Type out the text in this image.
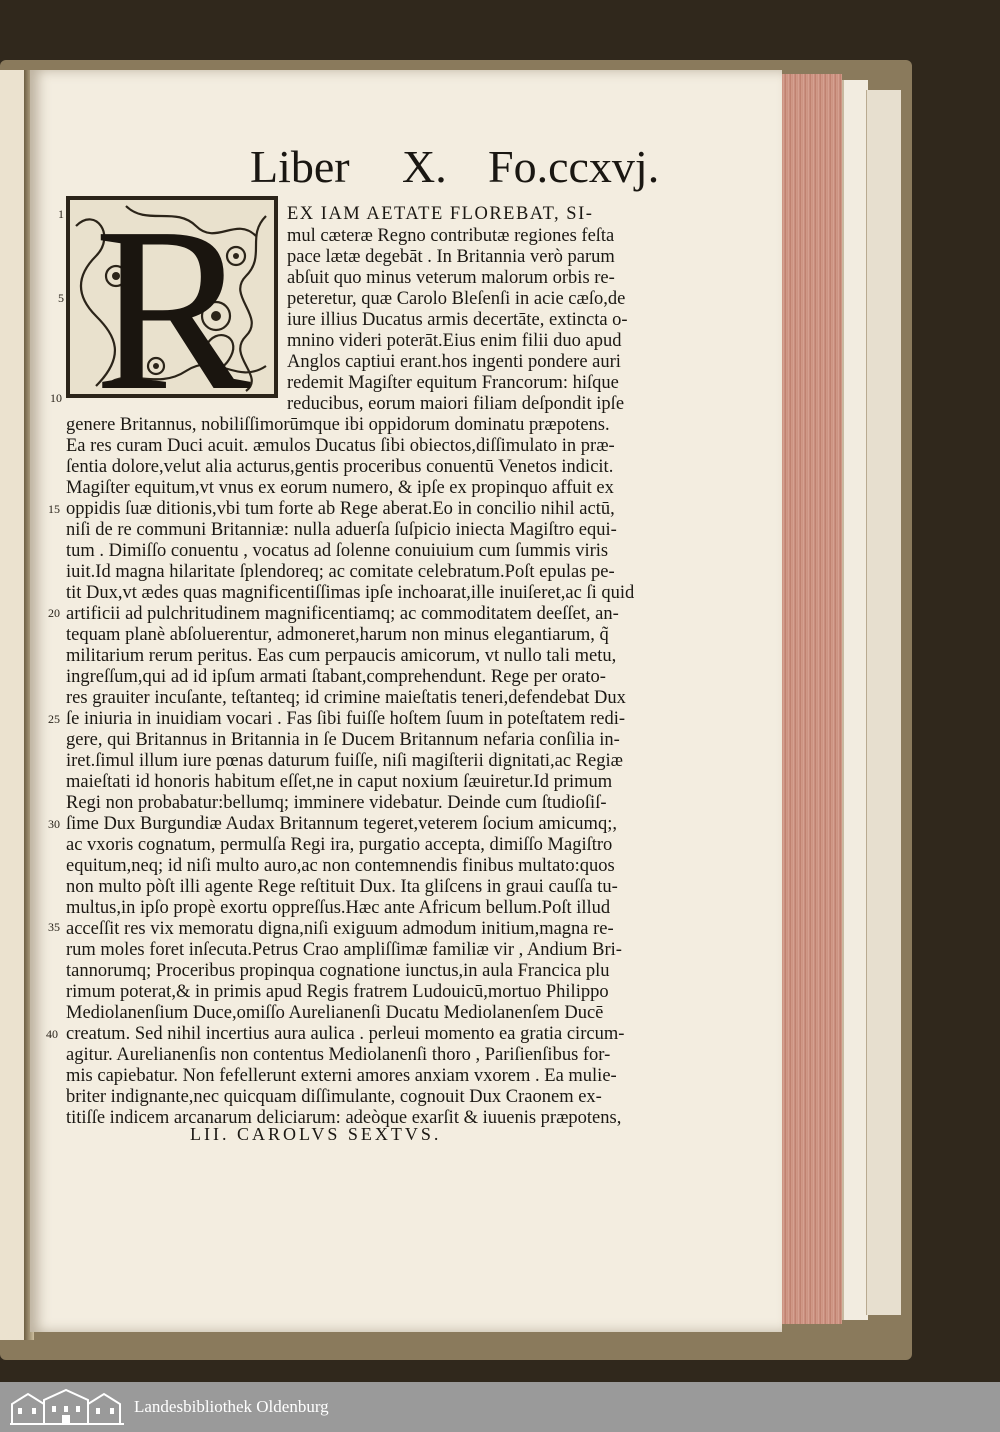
Liber X. Fo.ccxvj.
R EX IAM AETATE FLOREBAT, SI-
mul cæteræ Regno contributæ regiones feſta
pace lætæ degebāt . In Britannia verò parum
abſuit quo minus veterum malorum orbis re-
peteretur, quæ Carolo Bleſenſi in acie cæſo,de
iure illius Ducatus armis decertāte, extincta o-
mnino videri poterāt.Eius enim filii duo apud
Anglos captiui erant.hos ingenti pondere auri
redemit Magiſter equitum Francorum: hiſque
reducibus, eorum maiori filiam deſpondit ipſe
genere Britannus, nobiliſſimorūmque ibi oppidorum dominatu præpotens.
Ea res curam Duci acuit. æmulos Ducatus ſibi obiectos,diſſimulato in præ-
ſentia dolore,velut alia acturus,gentis proceribus conuentū Venetos indicit.
Magiſter equitum,vt vnus ex eorum numero, & ipſe ex propinquo affuit ex
oppidis ſuæ ditionis,vbi tum forte ab Rege aberat.Eo in concilio nihil actū,
niſi de re communi Britanniæ: nulla aduerſa ſuſpicio iniecta Magiſtro equi-
tum . Dimiſſo conuentu , vocatus ad ſolenne conuiuium cum ſummis viris
iuit.Id magna hilaritate ſplendoreq; ac comitate celebratum.Poſt epulas pe-
tit Dux,vt ædes quas magnificentiſſimas ipſe inchoarat,ille inuiſeret,ac ſi quid
artificii ad pulchritudinem magnificentiamq; ac commoditatem deeſſet, an-
tequam planè abſoluerentur, admoneret,harum non minus elegantiarum, q̃
militarium rerum peritus. Eas cum perpaucis amicorum, vt nullo tali metu,
ingreſſum,qui ad id ipſum armati ſtabant,comprehendunt. Rege per orato-
res grauiter incuſante, teſtanteq; id crimine maieſtatis teneri,defendebat Dux
ſe iniuria in inuidiam vocari . Fas ſibi fuiſſe hoſtem ſuum in poteſtatem redi-
gere, qui Britannus in Britannia in ſe Ducem Britannum nefaria conſilia in-
iret.ſimul illum iure pœnas daturum fuiſſe, niſi magiſterii dignitati,ac Regiæ
maieſtati id honoris habitum eſſet,ne in caput noxium ſæuiretur.Id primum
Regi non probabatur:bellumq; imminere videbatur. Deinde cum ſtudioſiſ-
ſime Dux Burgundiæ Audax Britannum tegeret,veterem ſocium amicumq;,
ac vxoris cognatum, permulſa Regi ira, purgatio accepta, dimiſſo Magiſtro
equitum,neq; id niſi multo auro,ac non contemnendis finibus multato:quos
non multo pòſt illi agente Rege reſtituit Dux. Ita gliſcens in graui cauſſa tu-
multus,in ipſo propè exortu oppreſſus.Hæc ante Africum bellum.Poſt illud
acceſſit res vix memoratu digna,niſi exiguum admodum initium,magna re-
rum moles foret inſecuta.Petrus Crao ampliſſimæ familiæ vir , Andium Bri-
tannorumq; Proceribus propinqua cognatione iunctus,in aula Francica plu
rimum poterat,& in primis apud Regis fratrem Ludouicū,mortuo Philippo
Mediolanenſium Duce,omiſſo Aurelianenſi Ducatu Mediolanenſem Ducē
creatum. Sed nihil incertius aura aulica . perleui momento ea gratia circum-
agitur. Aurelianenſis non contentus Mediolanenſi thoro , Pariſienſibus for-
mis capiebatur. Non fefellerunt externi amores anxiam vxorem . Ea mulie-
briter indignante,nec quicquam diſſimulante, cognouit Dux Craonem ex-
titiſſe indicem arcanarum deliciarum: adeòque exarſit & iuuenis præpotens,
1
5
10
15
20
25
30
35
40
LII. CAROLVS SEXTVS.
Landesbibliothek Oldenburg
